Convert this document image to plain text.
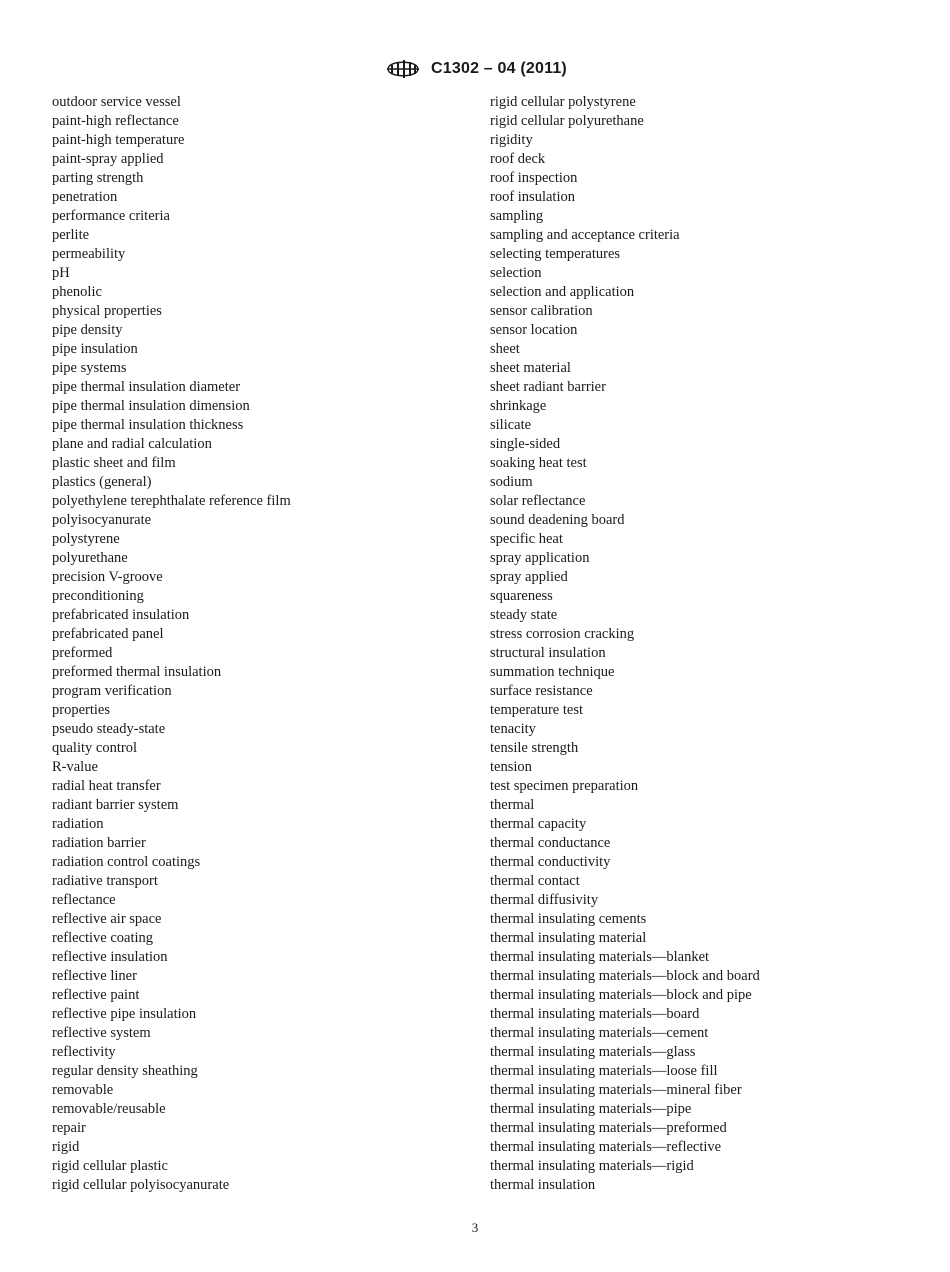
C1302 – 04 (2011)
outdoor service vessel
paint-high reflectance
paint-high temperature
paint-spray applied
parting strength
penetration
performance criteria
perlite
permeability
pH
phenolic
physical properties
pipe density
pipe insulation
pipe systems
pipe thermal insulation diameter
pipe thermal insulation dimension
pipe thermal insulation thickness
plane and radial calculation
plastic sheet and film
plastics (general)
polyethylene terephthalate reference film
polyisocyanurate
polystyrene
polyurethane
precision V-groove
preconditioning
prefabricated insulation
prefabricated panel
preformed
preformed thermal insulation
program verification
properties
pseudo steady-state
quality control
R-value
radial heat transfer
radiant barrier system
radiation
radiation barrier
radiation control coatings
radiative transport
reflectance
reflective air space
reflective coating
reflective insulation
reflective liner
reflective paint
reflective pipe insulation
reflective system
reflectivity
regular density sheathing
removable
removable/reusable
repair
rigid
rigid cellular plastic
rigid cellular polyisocyanurate
rigid cellular polystyrene
rigid cellular polyurethane
rigidity
roof deck
roof inspection
roof insulation
sampling
sampling and acceptance criteria
selecting temperatures
selection
selection and application
sensor calibration
sensor location
sheet
sheet material
sheet radiant barrier
shrinkage
silicate
single-sided
soaking heat test
sodium
solar reflectance
sound deadening board
specific heat
spray application
spray applied
squareness
steady state
stress corrosion cracking
structural insulation
summation technique
surface resistance
temperature test
tenacity
tensile strength
tension
test specimen preparation
thermal
thermal capacity
thermal conductance
thermal conductivity
thermal contact
thermal diffusivity
thermal insulating cements
thermal insulating material
thermal insulating materials—blanket
thermal insulating materials—block and board
thermal insulating materials—block and pipe
thermal insulating materials—board
thermal insulating materials—cement
thermal insulating materials—glass
thermal insulating materials—loose fill
thermal insulating materials—mineral fiber
thermal insulating materials—pipe
thermal insulating materials—preformed
thermal insulating materials—reflective
thermal insulating materials—rigid
thermal insulation
3
